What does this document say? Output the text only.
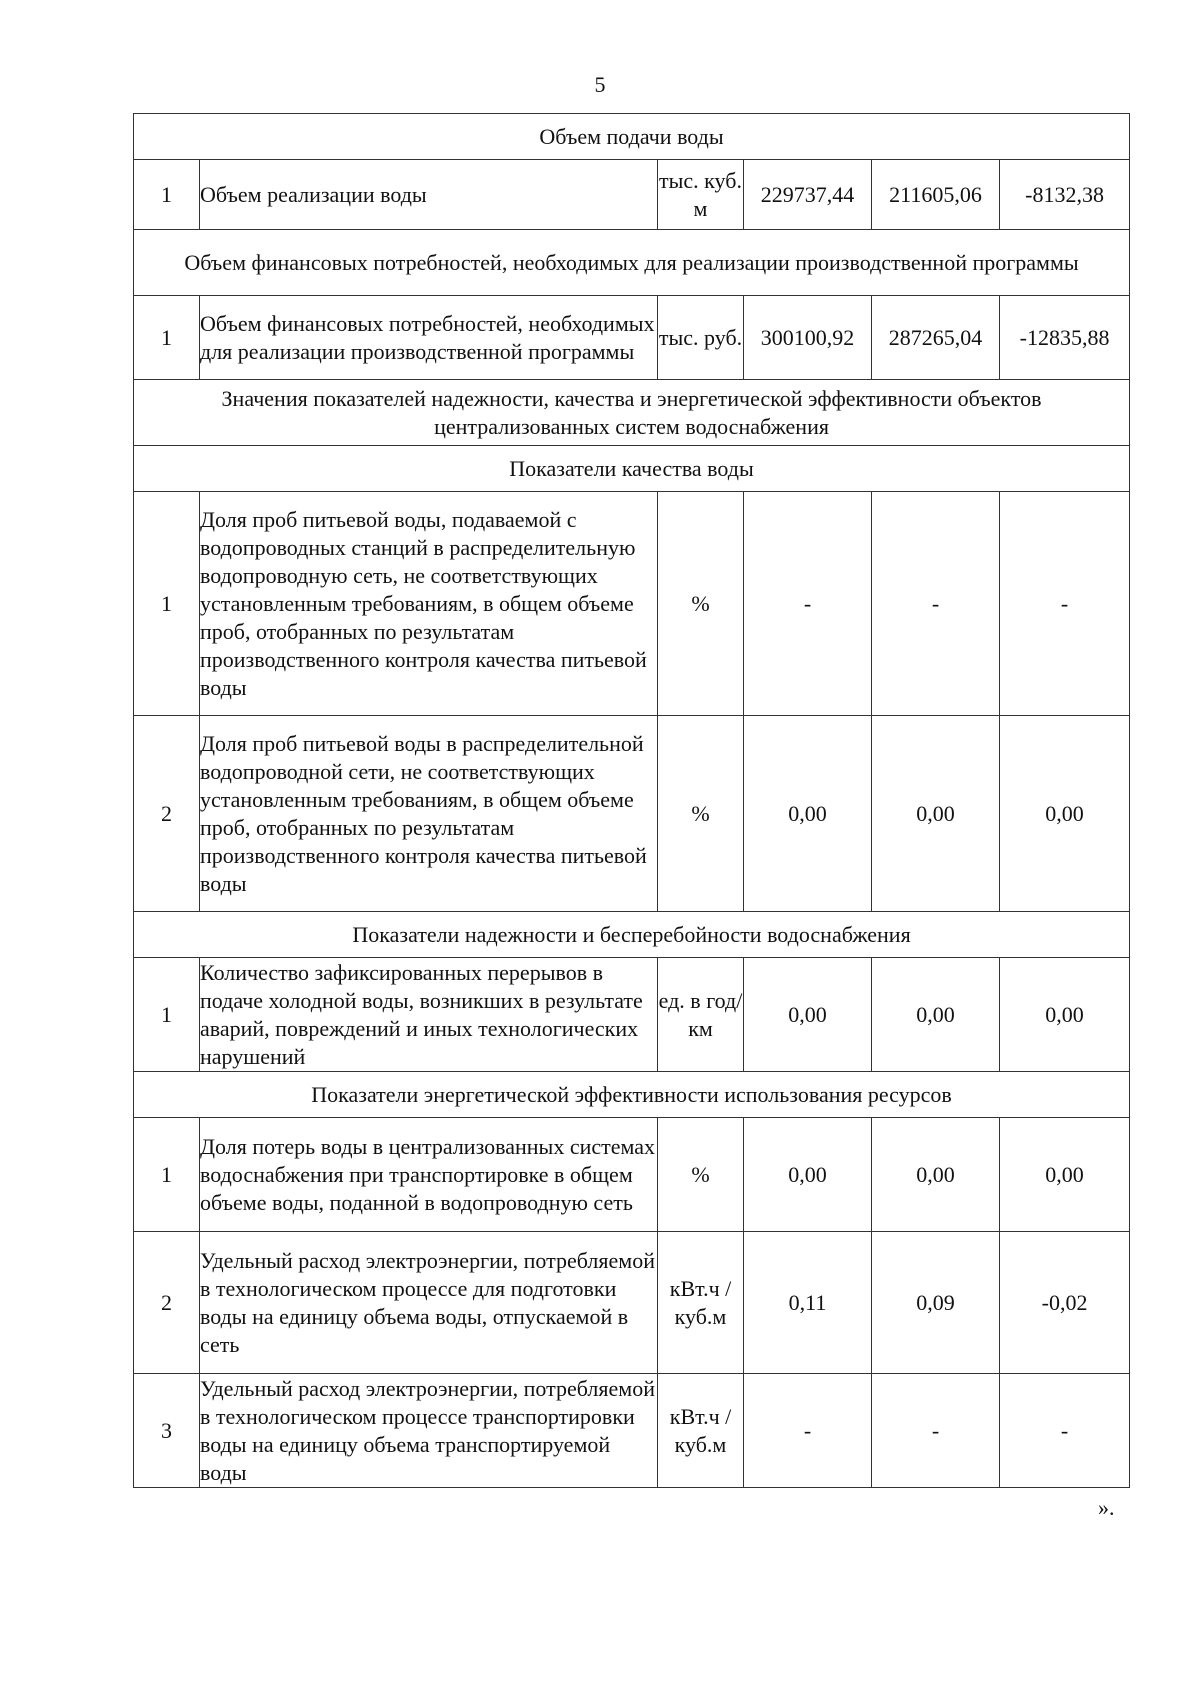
5
Объем подачи воды					
1	Объем реализации воды	тыс. куб. м	229737,44	211605,06	-8132,38
Объем финансовых потребностей, необходимых для реализации производственной программы					
1	Объем финансовых потребностей, необходимых для реализации производственной программы	тыс. руб.	300100,92	287265,04	-12835,88
Значения показателей надежности, качества и энергетической эффективности объектов централизованных систем водоснабжения					
Показатели качества воды					
1	Доля проб питьевой воды, подаваемой с водопроводных станций в распределительную водопроводную сеть, не соответствующих установленным требованиям, в общем объеме проб, отобранных по результатам производственного контроля качества питьевой воды	%	-	-	-
2	Доля проб питьевой воды в распределительной водопроводной сети, не соответствующих установленным требованиям, в общем объеме проб, отобранных по результатам производственного контроля качества питьевой воды	%	0,00	0,00	0,00
Показатели надежности и бесперебойности водоснабжения					
1	Количество зафиксированных перерывов в подаче холодной воды, возникших в результате аварий, повреждений и иных технологических нарушений	ед. в год/ км	0,00	0,00	0,00
Показатели энергетической эффективности использования ресурсов					
1	Доля потерь воды в централизованных системах водоснабжения при транспортировке в общем объеме воды, поданной в водопроводную сеть	%	0,00	0,00	0,00
2	Удельный расход электроэнергии, потребляемой в технологическом процессе для подготовки воды на единицу объема воды, отпускаемой в сеть	кВт.ч / куб.м	0,11	0,09	-0,02
3	Удельный расход электроэнергии, потребляемой в технологическом процессе транспортировки воды на единицу объема транспортируемой воды	кВт.ч / куб.м	-	-	-
».
